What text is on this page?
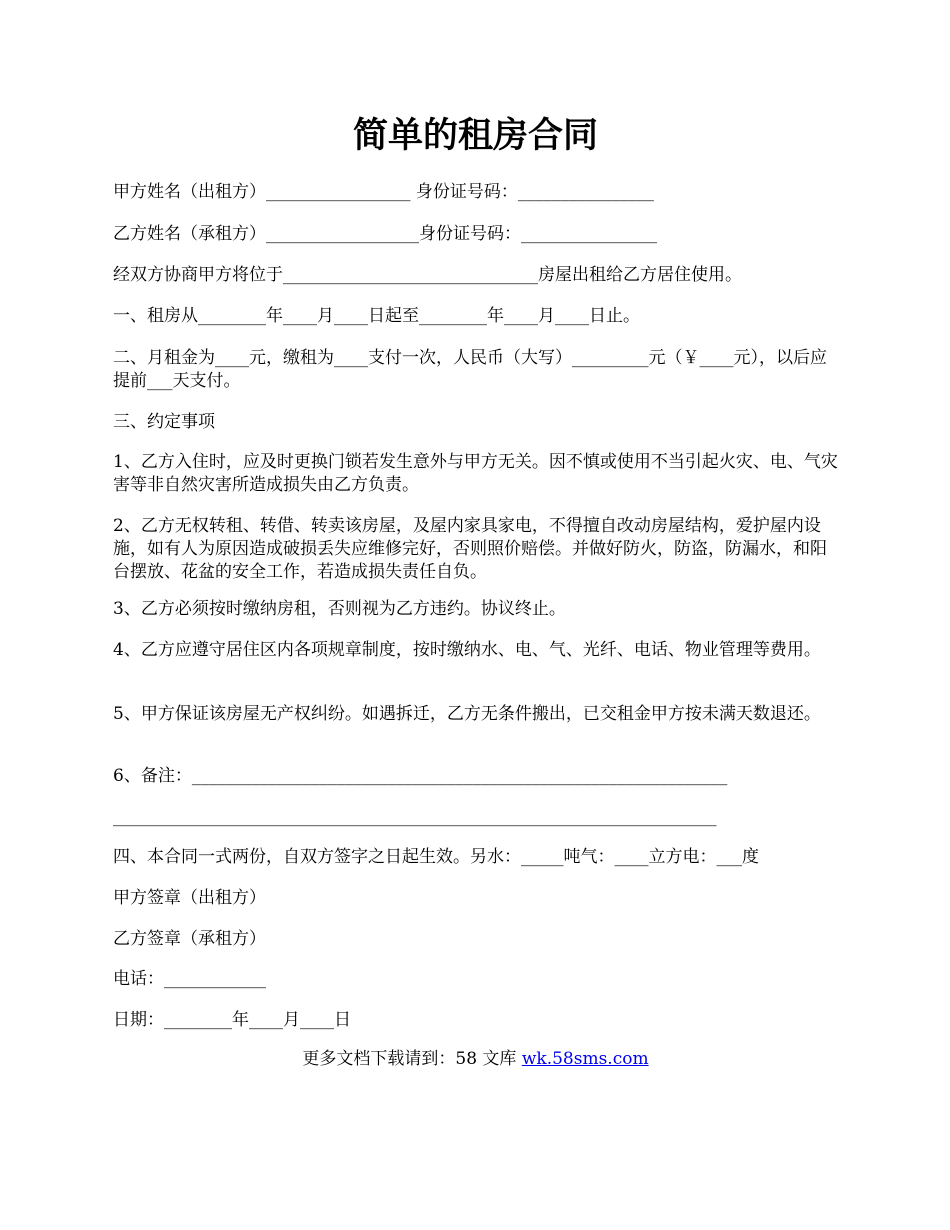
简单的租房合同
甲方姓名（出租方）_________________ 身份证号码：________________
乙方姓名（承租方）__________________身份证号码：________________
经双方协商甲方将位于______________________________房屋出租给乙方居住使用。
一、租房从________年____月____日起至________年____月____日止。
二、月租金为____元，缴租为____支付一次，人民币（大写）_________元（￥____元），以后应提前___天支付。
三、约定事项
1、乙方入住时，应及时更换门锁若发生意外与甲方无关。因不慎或使用不当引起火灾、电、气灾害等非自然灾害所造成损失由乙方负责。
2、乙方无权转租、转借、转卖该房屋，及屋内家具家电，不得擅自改动房屋结构，爱护屋内设施，如有人为原因造成破损丢失应维修完好，否则照价赔偿。并做好防火，防盗，防漏水，和阳台摆放、花盆的安全工作，若造成损失责任自负。
3、乙方必须按时缴纳房租，否则视为乙方违约。协议终止。
4、乙方应遵守居住区内各项规章制度，按时缴纳水、电、气、光纤、电话、物业管理等费用。
5、甲方保证该房屋无产权纠纷。如遇拆迁，乙方无条件搬出，已交租金甲方按未满天数退还。
6、备注：_______________________________________________________________
_______________________________________________________________________
四、本合同一式两份，自双方签字之日起生效。另水：_____吨气：____立方电：___度
甲方签章（出租方）
乙方签章（承租方）
电话：____________
日期：________年____月____日
更多文档下载请到：58 文库 wk.58sms.com
